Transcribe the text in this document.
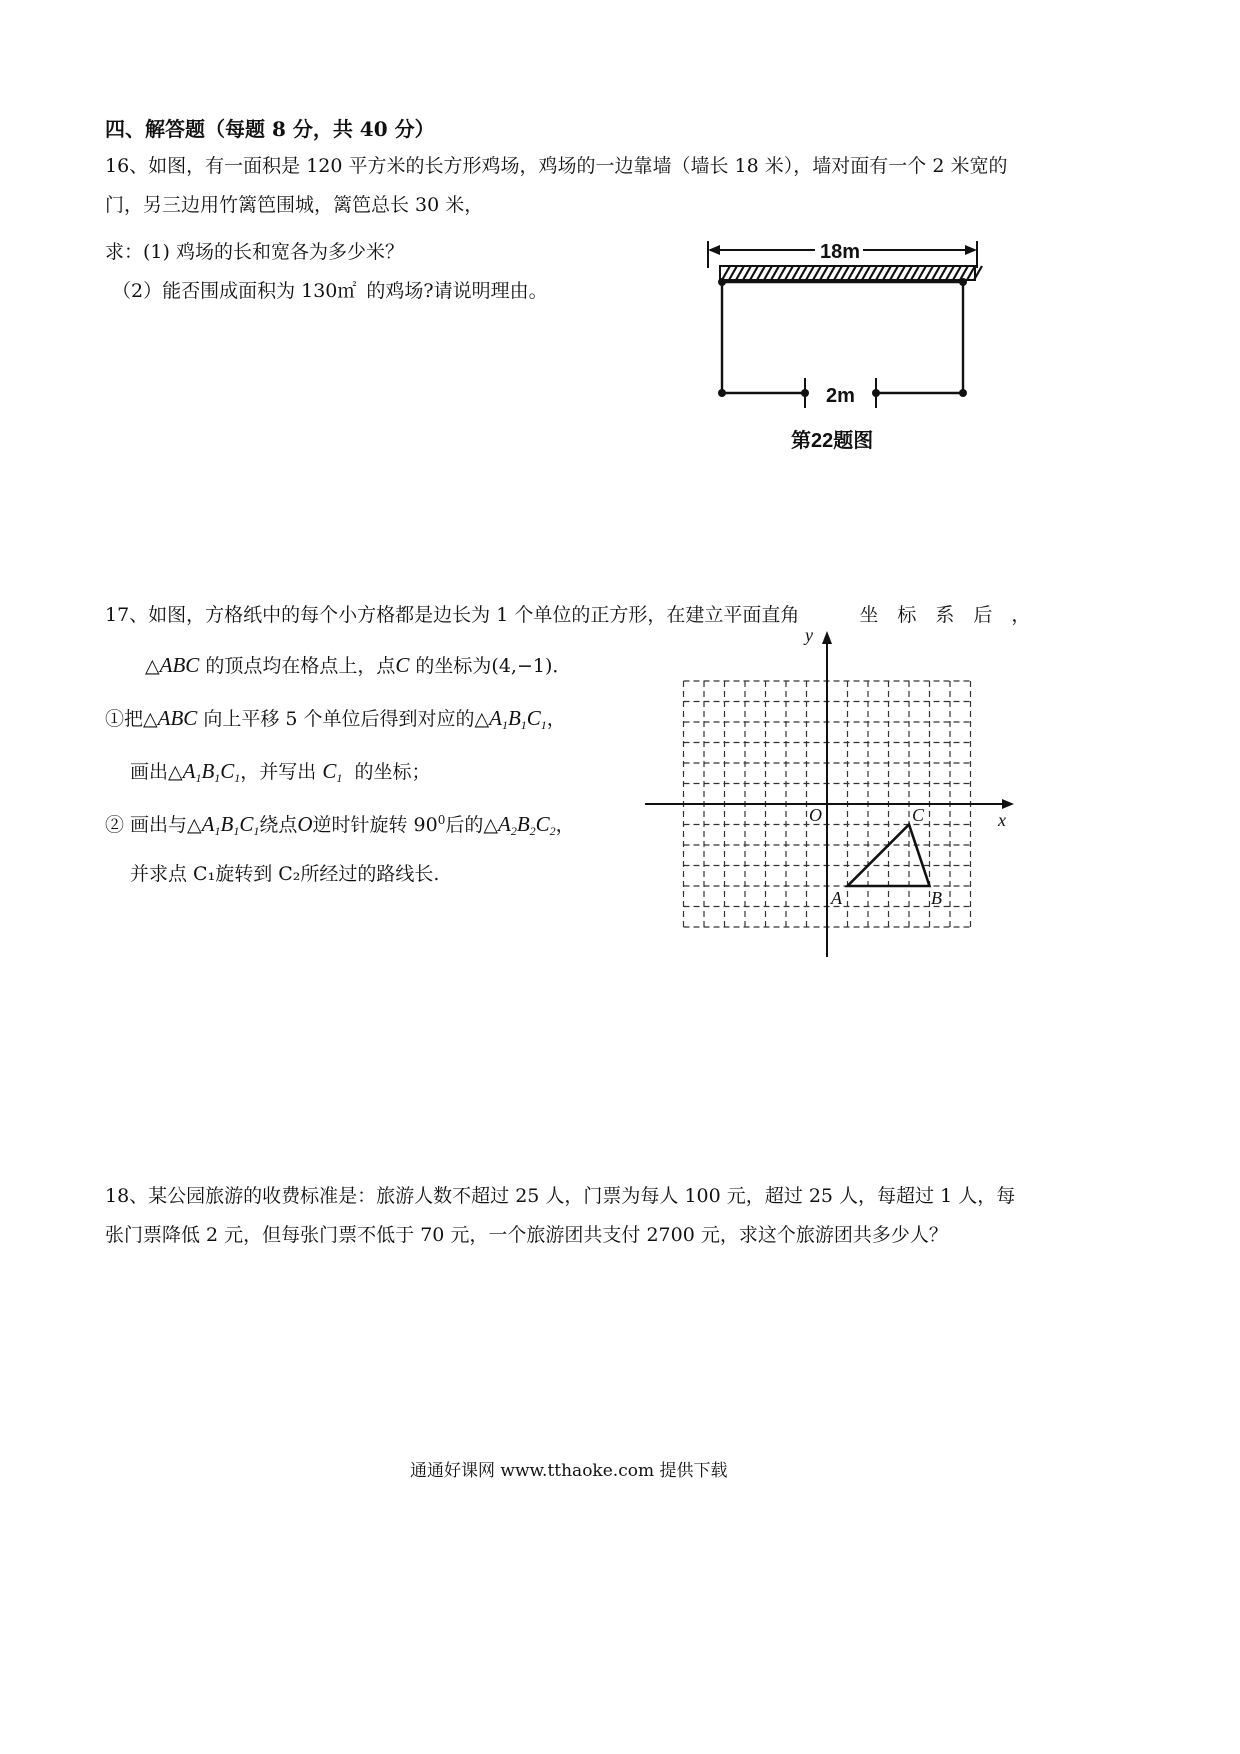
四、解答题（每题 8 分，共 40 分）
16、如图，有一面积是 120 平方米的长方形鸡场，鸡场的一边靠墙（墙长 18 米），墙对面有一个 2 米宽的
门，另三边用竹篱笆围城，篱笆总长 30 米，
求：(1) 鸡场的长和宽各为多少米？
（2）能否围成面积为 130㎡ 的鸡场?请说明理由。
18m
2m
第22题图
17、如图，方格纸中的每个小方格都是边长为 1 个单位的正方形，在建立平面直角	坐　标　系　后　，
△ABC 的顶点均在格点上，点C 的坐标为(4,−1)．
①把△ABC 向上平移 5 个单位后得到对应的$\triangle A_1B_1C_1$，
画出$\triangle A_1B_1C_1$，并写出 $C_1$ 的坐标；
② 画出与$\triangle A_1B_1C_1$绕点O逆时针旋转 $90^0$后的$\triangle A_2B_2C_2$，
并求点 C₁旋转到 C₂所经过的路线长.
y
x
O
A	B
C
18、某公园旅游的收费标准是：旅游人数不超过 25 人，门票为每人 100 元，超过 25 人，每超过 1 人，每
张门票降低 2 元，但每张门票不低于 70 元，一个旅游团共支付 2700 元，求这个旅游团共多少人？
通通好课网 www.tthaoke.com 提供下载
